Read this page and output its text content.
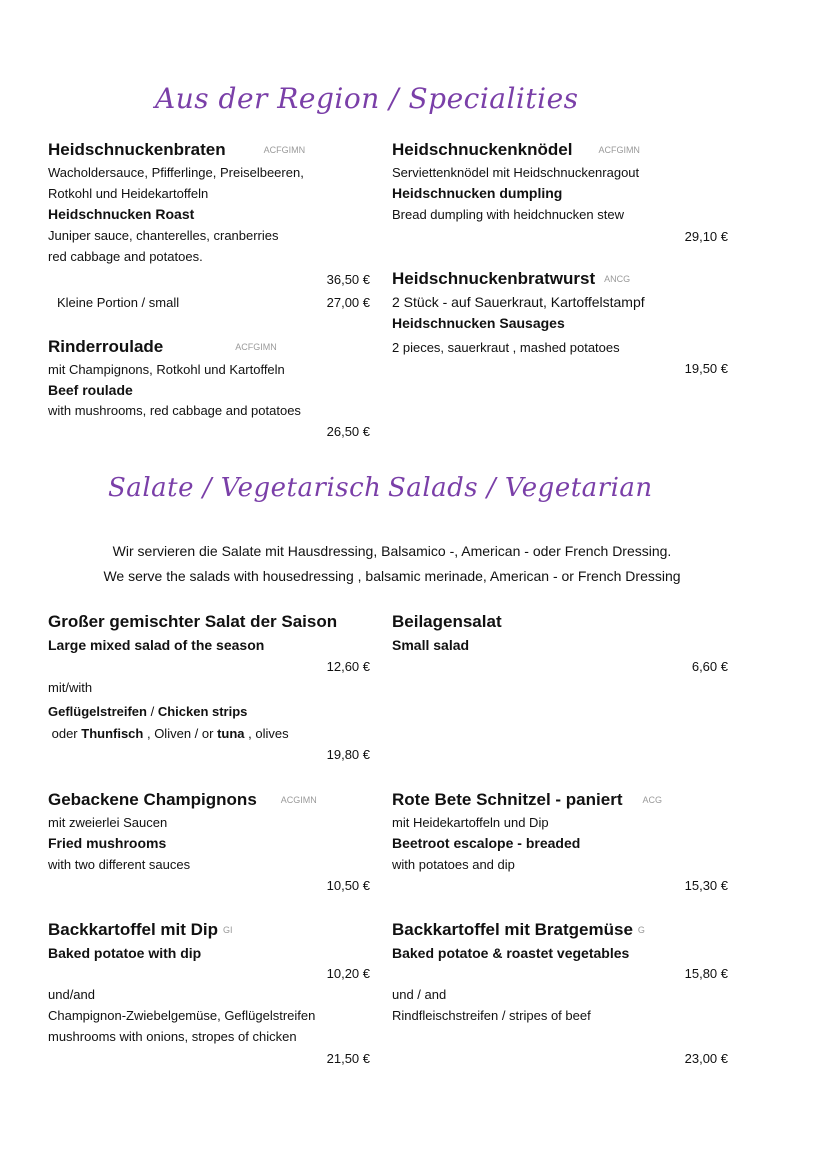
Aus der Region / Specialities
Heidschnuckenbraten	ACFGIMN
Wacholdersauce, Pfifferlinge, Preiselbeeren,
Rotkohl und Heidekartoffeln
Heidschnucken Roast
Juniper sauce, chanterelles, cranberries
red cabbage and potatoes.
36,50 €
Kleine Portion / small	27,00 €
Heidschnuckenknödel	ACFGIMN
Serviettenknödel mit Heidschnuckenragout
Heidschnucken dumpling
Bread dumpling with heidchnucken stew
29,10 €
Heidschnuckenbratwurst ANCG
2 Stück - auf Sauerkraut, Kartoffelstampf
Heidschnucken Sausages
2 pieces, sauerkraut , mashed potatoes
19,50 €
Rinderroulade	ACFGIMN
mit Champignons, Rotkohl und Kartoffeln
Beef roulade
with mushrooms, red cabbage and potatoes
26,50 €
Salate / Vegetarisch Salads / Vegetarian
Wir servieren die Salate mit Hausdressing, Balsamico -, American - oder French Dressing.
We serve the salads with housedressing , balsamic merinade, American - or French Dressing
Großer gemischter Salat der Saison
Large mixed salad of the season
12,60 €
mit/with
Geflügelstreifen / Chicken strips
oder Thunfisch , Oliven / or tuna , olives
19,80 €
Beilagensalat
Small salad
6,60 €
Gebackene Champignons	ACGIMN
mit zweierlei Saucen
Fried mushrooms
with two different sauces
10,50 €
Rote Bete Schnitzel - paniert ACG
mit Heidekartoffeln und Dip
Beetroot escalope - breaded
with potatoes and dip
15,30 €
Backkartoffel mit Dip GI
Baked potatoe with dip
10,20 €
und/and
Champignon-Zwiebelgemüse, Geflügelstreifen
mushrooms with onions, stropes of chicken
21,50 €
Backkartoffel mit Bratgemüse G
Baked potatoe & roastet vegetables
15,80 €
und / and
Rindfleischstreifen / stripes of beef
23,00 €
